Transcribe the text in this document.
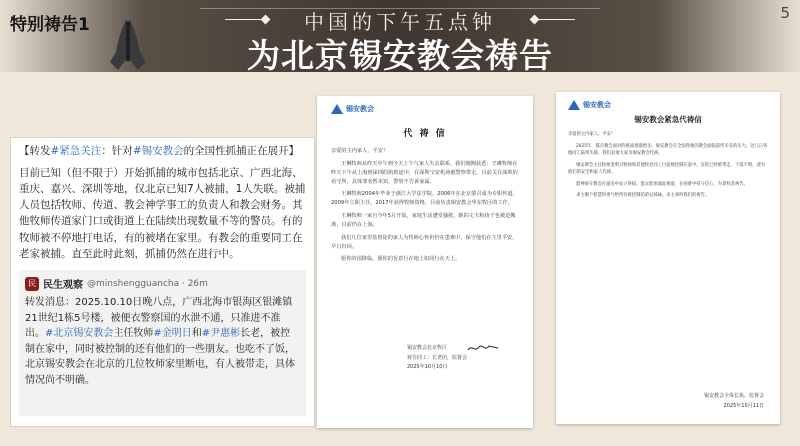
特别祷告1	中国的下午五点钟
为北京锡安教会祷告
5
【转发#紧急关注：针对#锡安教会的全国性抓捕正在展开】
目前已知（但不限于）开始抓捕的城市包括北京、广西北海、重庆、嘉兴、深圳等地，仅北京已知7人被捕，1人失联。被捕人员包括牧师、传道、教会神学事工的负责人和教会财务。其他牧师传道家门口或街道上在陆续出现数量不等的警员。有的牧师被不停地打电话，有的被堵在家里。有教会的重要同工在老家被捕。直至此时此刻，抓捕仍然在进行中。
民 民生观察 @minshengguancha · 26m
转发消息：2025.10.10日晚八点，广西北海市银海区银滩镇21世纪1栋5号楼，被便衣警察国的水泄不通，只准进不准出。#北京锡安教会主任牧师#金明日和#尹惠彬长老，被控制在家中，同时被控制的还有他们的一些朋友。也吃不了饭，北京锡安教会在北京的几位牧师家里断电，有人被带走，具体情况尚不明确。
锡安教会
代 祷 信
亲爱的主内家人，平安！

王琳牧师从昨天中午到今天上午与家人失去联系，我们刚刚获悉：王琳牧师在昨天下午从上海到深圳的航班途中，在深圳宝安机场被警察带走，目前关在深圳的看守所，具体罪名暂未知，警察不告诉家属。

王琳牧师2004年毕业于浙江大学法学院，2006年在北京蒙召成为专职传道，2009年立职主任，2017年获得牧师资格，目前负责锡安教会华东牧区的工作。

王琳牧师一家自今年5月开始，家庭生活遭受骚扰，她的丈夫和孩子也被迫搬离，目前仍在上海。

我们几位家里基督徒的家人为牧师心怀仍仍在患难中，保守他们在主里平安，早日归回。

愿你的国降临，愿你的旨意行在地上如同行在天上。

锡安教会北京牧区
祷告同工：长老团，监督会
2025年10月10日
锡安教会
锡安教会紧急代祷信
亲爱的主内家人，平安！

2025年，都市教会面对的挑战逐渐增多，锡安教会在全国各地的教会面临前所未有的压力，这几日各地同工陆续失联，我们恳请大家为锡安教会代祷。

锡安教会主任牧师金明日牧师和其他牧者同工目前被控制在家中，有的已经被带走，下落不明，请为他们的安全和家人代祷。

愿神保守教会在逼迫中站立得稳，愿众肢体彼此相爱，在困难中持守信心，为掌权者祷告。

求主赐下智慧和勇气给所有被控制的弟兄姊妹，求主垂听我们的祷告。

锡安教会全体长执、监督会
2025年10月11日
